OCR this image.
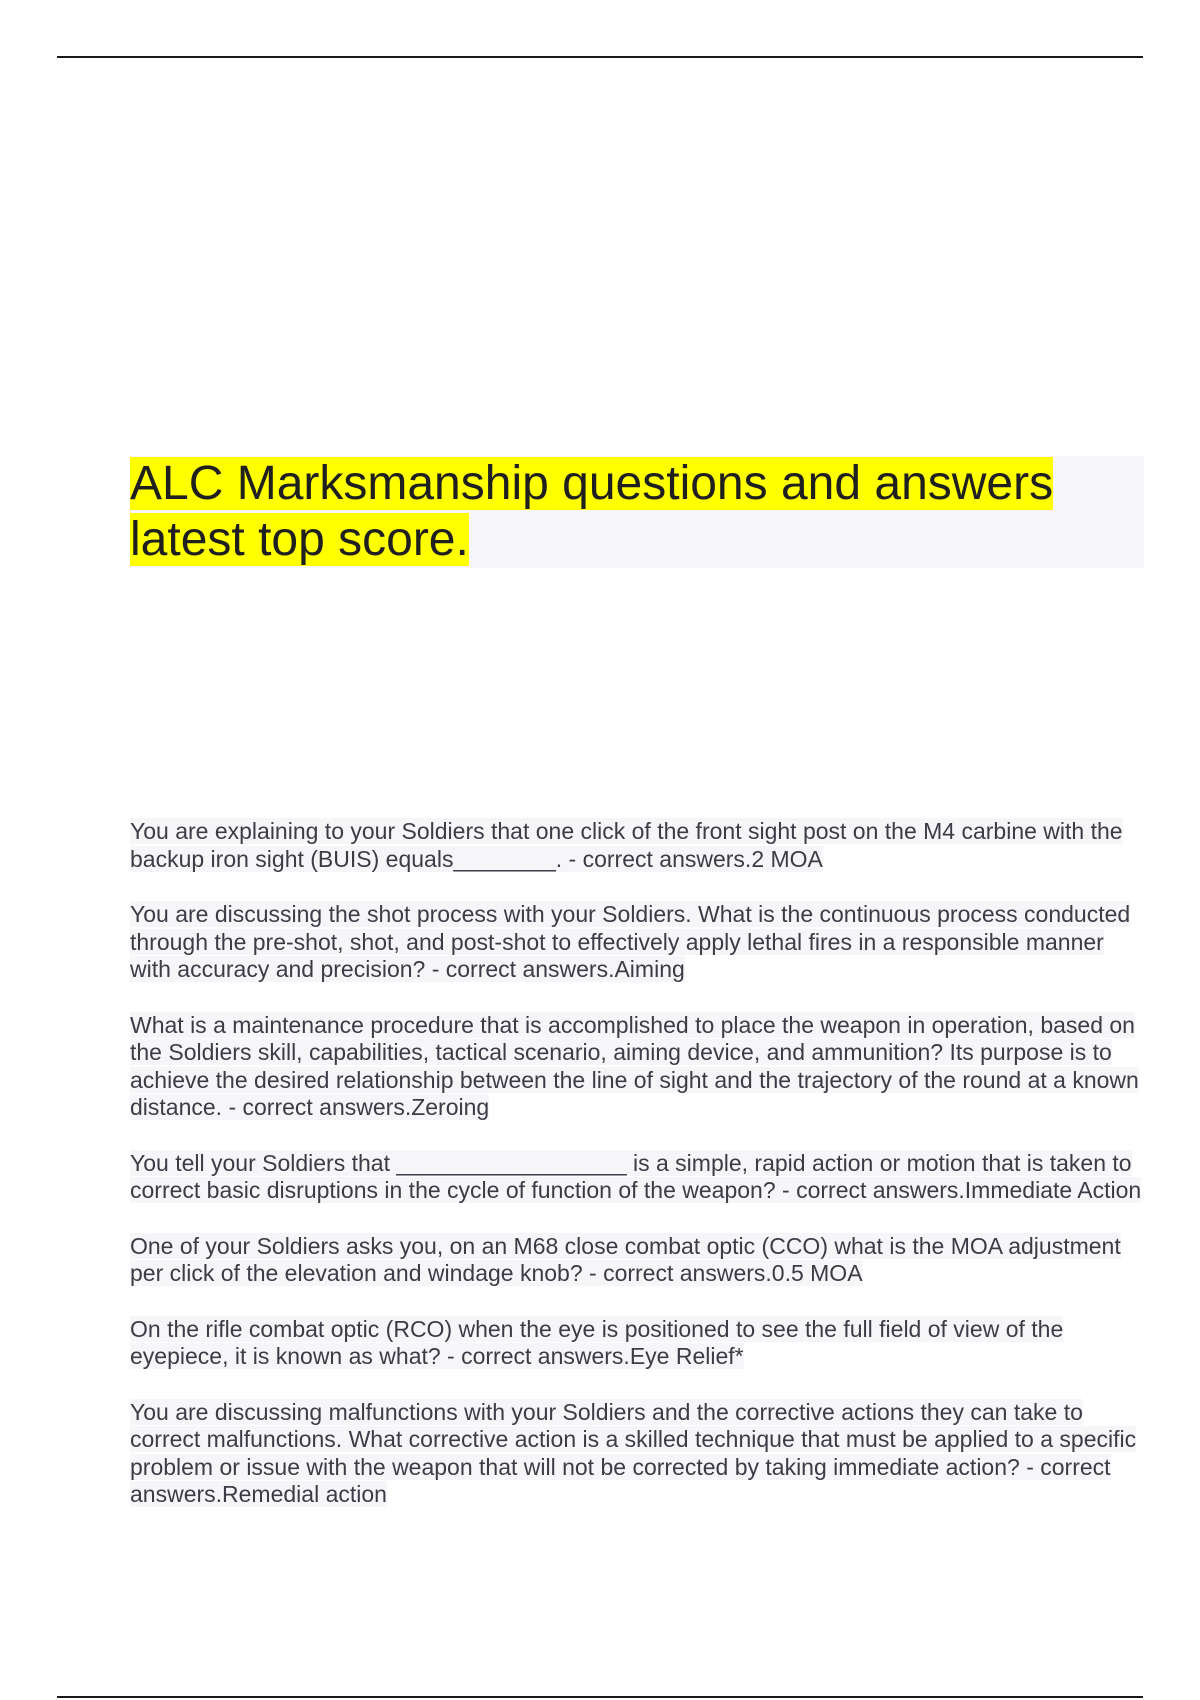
ALC Marksmanship questions and answers latest top score.

You are explaining to your Soldiers that one click of the front sight post on the M4 carbine with the backup iron sight (BUIS) equals________. - correct answers.2 MOA

You are discussing the shot process with your Soldiers. What is the continuous process conducted through the pre-shot, shot, and post-shot to effectively apply lethal fires in a responsible manner with accuracy and precision? - correct answers.Aiming

What is a maintenance procedure that is accomplished to place the weapon in operation, based on the Soldiers skill, capabilities, tactical scenario, aiming device, and ammunition? Its purpose is to achieve the desired relationship between the line of sight and the trajectory of the round at a known distance. - correct answers.Zeroing

You tell your Soldiers that __________________ is a simple, rapid action or motion that is taken to correct basic disruptions in the cycle of function of the weapon? - correct answers.Immediate Action

One of your Soldiers asks you, on an M68 close combat optic (CCO) what is the MOA adjustment per click of the elevation and windage knob? - correct answers.0.5 MOA

On the rifle combat optic (RCO) when the eye is positioned to see the full field of view of the eyepiece, it is known as what? - correct answers.Eye Relief*

You are discussing malfunctions with your Soldiers and the corrective actions they can take to correct malfunctions. What corrective action is a skilled technique that must be applied to a specific problem or issue with the weapon that will not be corrected by taking immediate action? - correct answers.Remedial action
